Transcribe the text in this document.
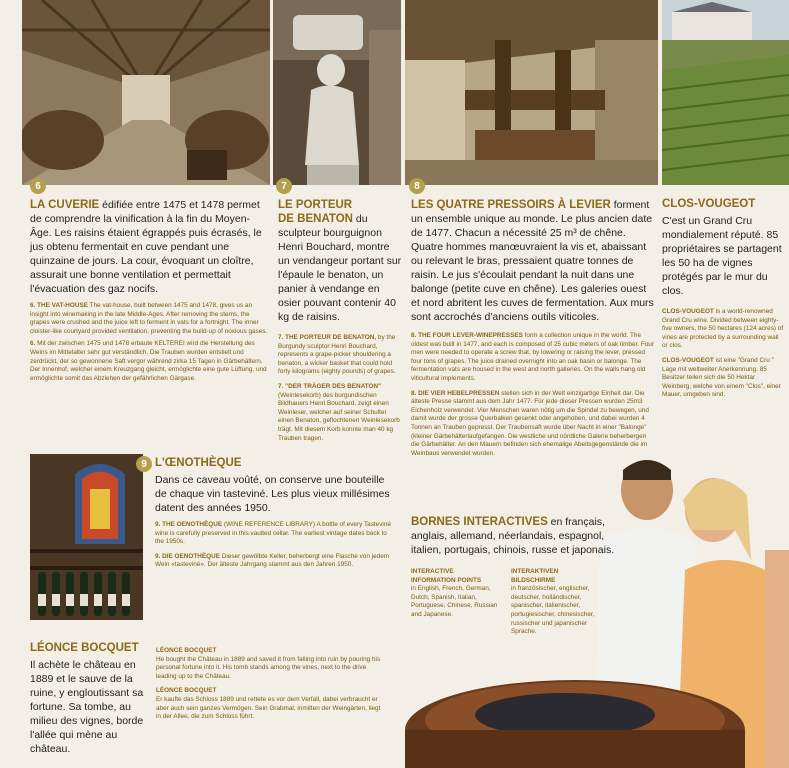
6	7	8
9

LA CUVERIE édifiée entre 1475 et 1478 permet de comprendre la vinification à la fin du Moyen-Âge. Les raisins étaient égrappés puis écrasés, le jus obtenu fermentait en cuve pendant une quinzaine de jours. La cour, évoquant un cloître, assurait une bonne ventilation et permettait l'évacuation des gaz nocifs.

6. THE VAT-HOUSE The vat-house, built between 1475 and 1478, gives us an insight into winemaking in the late Middle-Ages. After removing the stems, the grapes were crushed and the juice left to ferment in vats for a fortnight. The inner cloister-like courtyard provided ventilation, preventing the build-up of noxious gases.

6. Mit der zwischen 1475 und 1478 erbaute KELTEREI wird die Herstellung des Weins im Mittelalter sehr gut verständlich. Die Trauben wurden entstielt und zerdrückt, der so gewonnene Saft vergor während zirka 15 Tagen in Gärbehältern. Der Innenhof, welcher einem Kreuzgang gleicht, ermöglichte eine gute Lüftung, und ermöglichte somit das Abziehen der gefährlichen Gärgase.

LE PORTEUR
DE BENATON du sculpteur bourguignon Henri Bouchard, montre un vendangeur portant sur l'épaule le benaton, un panier à vendange en osier pouvant contenir 40 kg de raisins.

7. THE PORTEUR DE BENATON, by the Burgundy sculptor Henri Bouchard, represents a grape-picker shouldering a benaton, a wicker basket that could hold forty kilograms (eighty pounds) of grapes.

7. "DER TRÄGER DES BENATON" (Weinlesekorb) des burgundischen Bildhauers Henri Bouchard, zeigt einen Weinleser, welcher auf seiner Schulter einen Benaton, geflochtenen Weinlesekorb trägt. Mit diesem Korb konnte man 40 kg Trauben tragen.

LES QUATRE PRESSOIRS À LEVIER forment un ensemble unique au monde. Le plus ancien date de 1477. Chacun a nécessité 25 m³ de chêne. Quatre hommes manœuvraient la vis et, abaissant ou relevant le bras, pressaient quatre tonnes de raisin. Le jus s'écoulait pendant la nuit dans une balonge (petite cuve en chêne). Les galeries ouest et nord abritent les cuves de fermentation. Aux murs sont accrochés d'anciens outils viticoles.

8. THE FOUR LEVER-WINEPRESSES form a collection unique in the world. The oldest was built in 1477, and each is composed of 25 cubic meters of oak timber. Four men were needed to operate a screw that, by lowering or raising the lever, pressed four tons of grapes. The juice drained overnight into an oak basin or balonge. The fermentation vats are housed in the west and north galleries. On the walls hang old viticultural implements.

8. DIE VIER HEBELPRESSEN stellen sich in der Welt einzigartige Einheit dar. Die älteste Presse stammt aus dem Jahr 1477. Für jede dieser Pressen wurden 25m3 Eichenholz verwendet. Vier Menschen waren nötig um die Spindel zu bewegen, und damit wurde der grosse Querbalken gesenkt oder angehoben, und dabei wurden 4 Tonnen an Trauben gepresst. Der Traubensaft wurde über Nacht in einer "Balonge" (kleiner Gärbehälterlaufgefangen. Die westliche und nördliche Galerie beherbergen die Gärbehälter. An den Mauern befinden sich ehemalige Abeitsgegenstände die im Weinbaus verwendet wurden.

CLOS-VOUGEOT

C'est un Grand Cru mondialement réputé. 85 propriétaires se partagent les 50 ha de vignes protégés par le mur du clos.

CLOS-VOUGEOT is a world-renowned Grand Cru wine. Divided between eighty-five owners, the 50 hectares (124 acres) of vines are protected by a surrounding wall or clos.

CLOS-VOUGEOT ist eine "Grand Cru " Lage mit weltweiter Anerkennung. 85 Besitzer teilen sich die 50 Hektar Weinberg, welche von einem "Clos", einer Mauer, umgeben sind.

L'ŒNOTHÈQUE

Dans ce caveau voûté, on conserve une bouteille de chaque vin tasteviné. Les plus vieux millésimes datent des années 1950.

9. THE OENOTHÈQUE (WINE REFERENCE LIBRARY) A bottle of every Tasteviné wine is carefully preserved in this vaulted cellar. The earliest vintage dates back to the 1950s.

9. DIE OENOTHÈQUE Dieser gewölbte Keller, beherbergt eine Flasche von jedem Wein «tasteviné». Der älteste Jahrgang stammt aus den Jahren 1950.

BORNES INTERACTIVES en français, anglais, allemand, néerlandais, espagnol, italien, portugais, chinois, russe et japonais.

INTERACTIVE
INFORMATION POINTS
in English, French, German, Dutch, Spanish, Italian, Portuguese, Chinese, Russian and Japanese.

INTERAKTIVEN
BILDSCHIRME
in französischer, englischer, deutscher, holländischer, spanischer, italienischer, portugiesischer, chinesischer, russischer und japanischer Sprache.

LÉONCE BOCQUET

Il achète le château en 1889 et le sauve de la ruine, y engloutissant sa fortune. Sa tombe, au milieu des vignes, borde l'allée qui mène au château.

LÉONCE BOCQUET
He bought the Château in 1889 and saved it from falling into ruin by pouring his personal fortune into it. His tomb stands among the vines, next to the drive leading up to the Château.

LÉONCE BOCQUET
Er kaufte das Schloss 1889 und rettete es vor dem Verfall, dabei verbraucht er aber auch sein ganzes Vermögen. Sein Grabmal, inmitten der Weingärten, liegt in der Allee, die zum Schloss führt.
